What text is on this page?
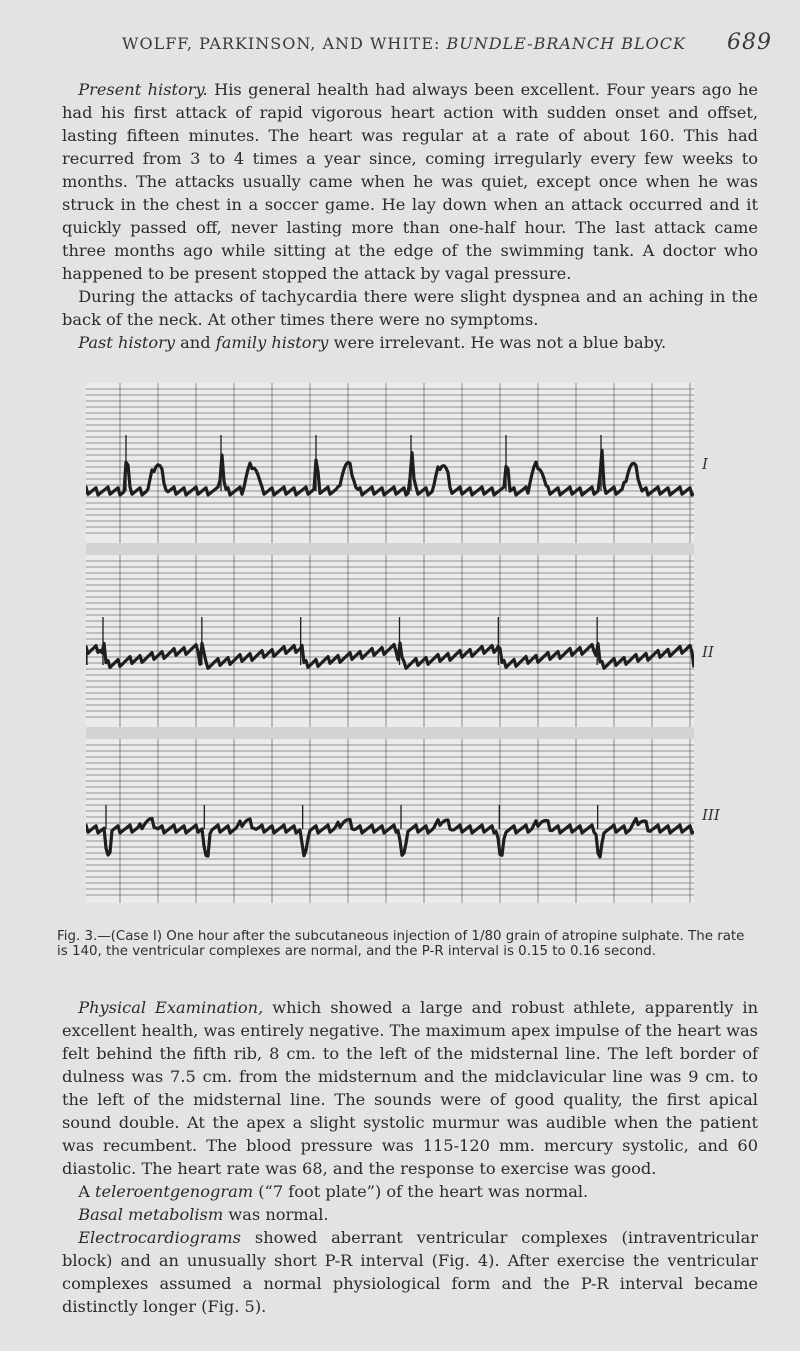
WOLFF, PARKINSON, AND WHITE: BUNDLE-BRANCH BLOCK 689

 Present history. His general health had always been excellent. Four years ago he had his first attack of rapid vigorous heart action with sudden onset and offset, lasting fifteen minutes. The heart was regular at a rate of about 160. This had recurred from 3 to 4 times a year since, coming irregularly every few weeks to months. The attacks usually came when he was quiet, except once when he was struck in the chest in a soccer game. He lay down when an attack occurred and it quickly passed off, never lasting more than one-half hour. The last attack came three months ago while sitting at the edge of the swimming tank. A doctor who happened to be present stopped the attack by vagal pressure.

 During the attacks of tachycardia there were slight dyspnea and an aching in the back of the neck. At other times there were no symptoms.

 Past history and family history were irrelevant. He was not a blue baby.

I
II
III
Fig. 3.—(Case I) One hour after the subcutaneous injection of 1/80 grain of atropine sulphate. The rate is 140, the ventricular complexes are normal, and the P-R interval is 0.15 to 0.16 second.

 Physical Examination, which showed a large and robust athlete, apparently in excellent health, was entirely negative. The maximum apex impulse of the heart was felt behind the fifth rib, 8 cm. to the left of the midsternal line. The left border of dulness was 7.5 cm. from the midsternum and the midclavicular line was 9 cm. to the left of the midsternal line. The sounds were of good quality, the first apical sound double. At the apex a slight systolic murmur was audible when the patient was recumbent. The blood pressure was 115-120 mm. mercury systolic, and 60 diastolic. The heart rate was 68, and the response to exercise was good.

 A teleroentgenogram (“7 foot plate”) of the heart was normal.

 Basal metabolism was normal.

 Electrocardiograms showed aberrant ventricular complexes (intraventricular block) and an unusually short P-R interval (Fig. 4). After exercise the ventricular complexes assumed a normal physiological form and the P-R interval became distinctly longer (Fig. 5).
